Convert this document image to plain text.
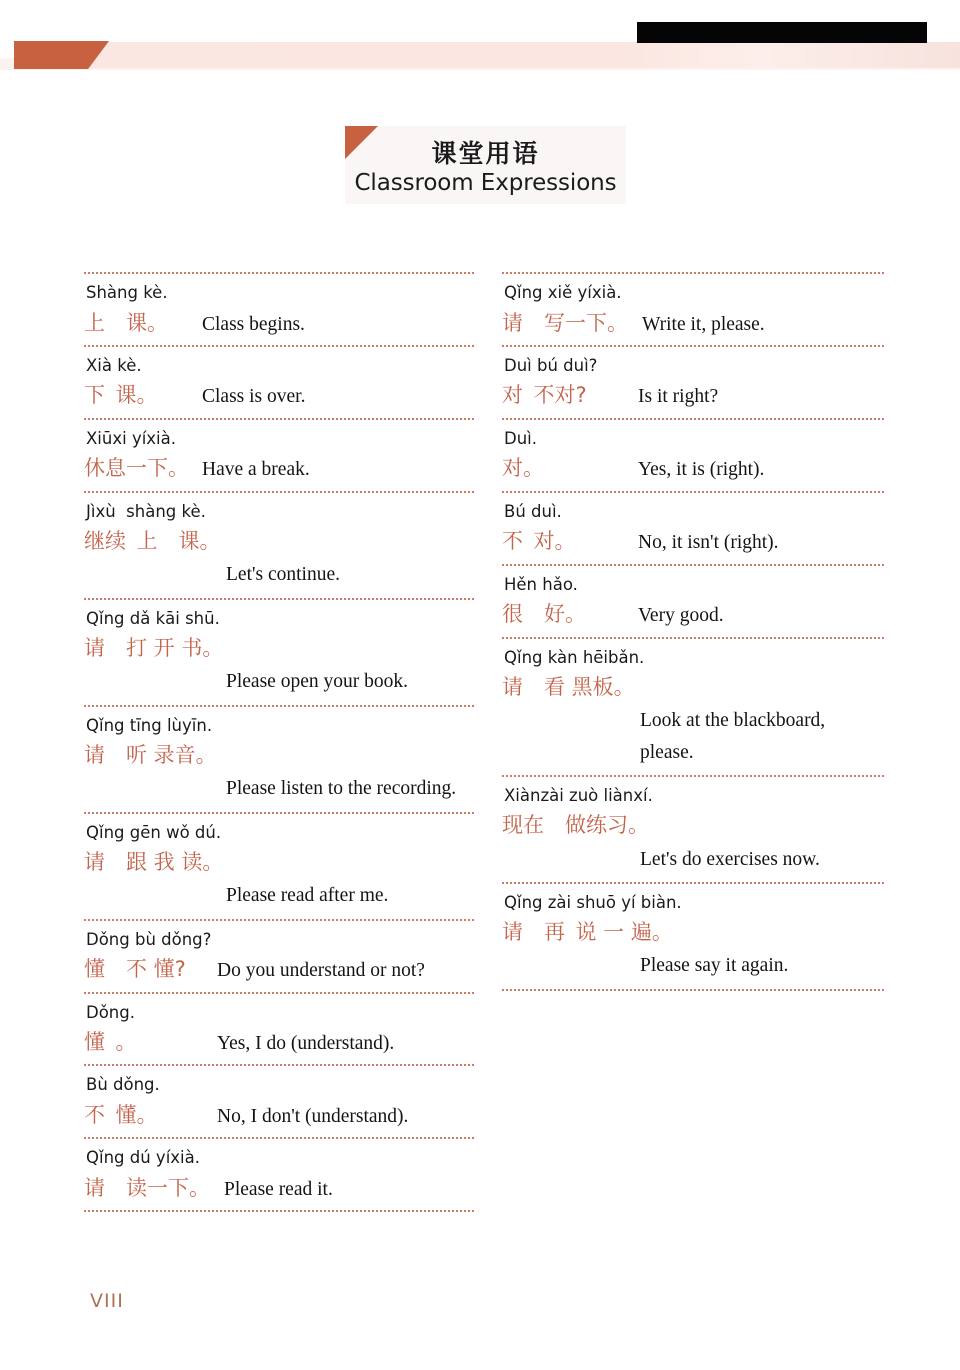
课堂用语
Classroom Expressions
Shàng kè.
上  课。	Class begins.
Xià kè.
下 课。	Class is over.
Xiūxi yíxià.
休息一下。 Have a break.
Jìxù  shàng kè.
继续 上  课。
Let's continue.
Qǐng dǎ kāi shū.
请  打 开 书。
Please open your book.
Qǐng tīng lùyīn.
请  听 录音。
Please listen to the recording.
Qǐng gēn wǒ dú.
请  跟 我 读。
Please read after me.
Dǒng bù dǒng?
懂  不 懂?	Do you understand or not?
Dǒng.
懂 。	Yes, I do (understand).
Bù dǒng.
不 懂。	No, I don't (understand).
Qǐng dú yíxià.
请  读一下。 Please read it.
Qǐng xiě yíxià.
请  写一下。 Write it, please.
Duì bú duì?
对 不对?	Is it right?
Duì.
对。	Yes, it is (right).
Bú duì.
不 对。	No, it isn't (right).
Hěn hǎo.
很  好。	Very good.
Qǐng kàn hēibǎn.
请  看 黑板。
Look at the blackboard,
please.
Xiànzài zuò liànxí.
现在  做练习。
Let's do exercises now.
Qǐng zài shuō yí biàn.
请  再 说 一 遍。
Please say it again.
VIII
